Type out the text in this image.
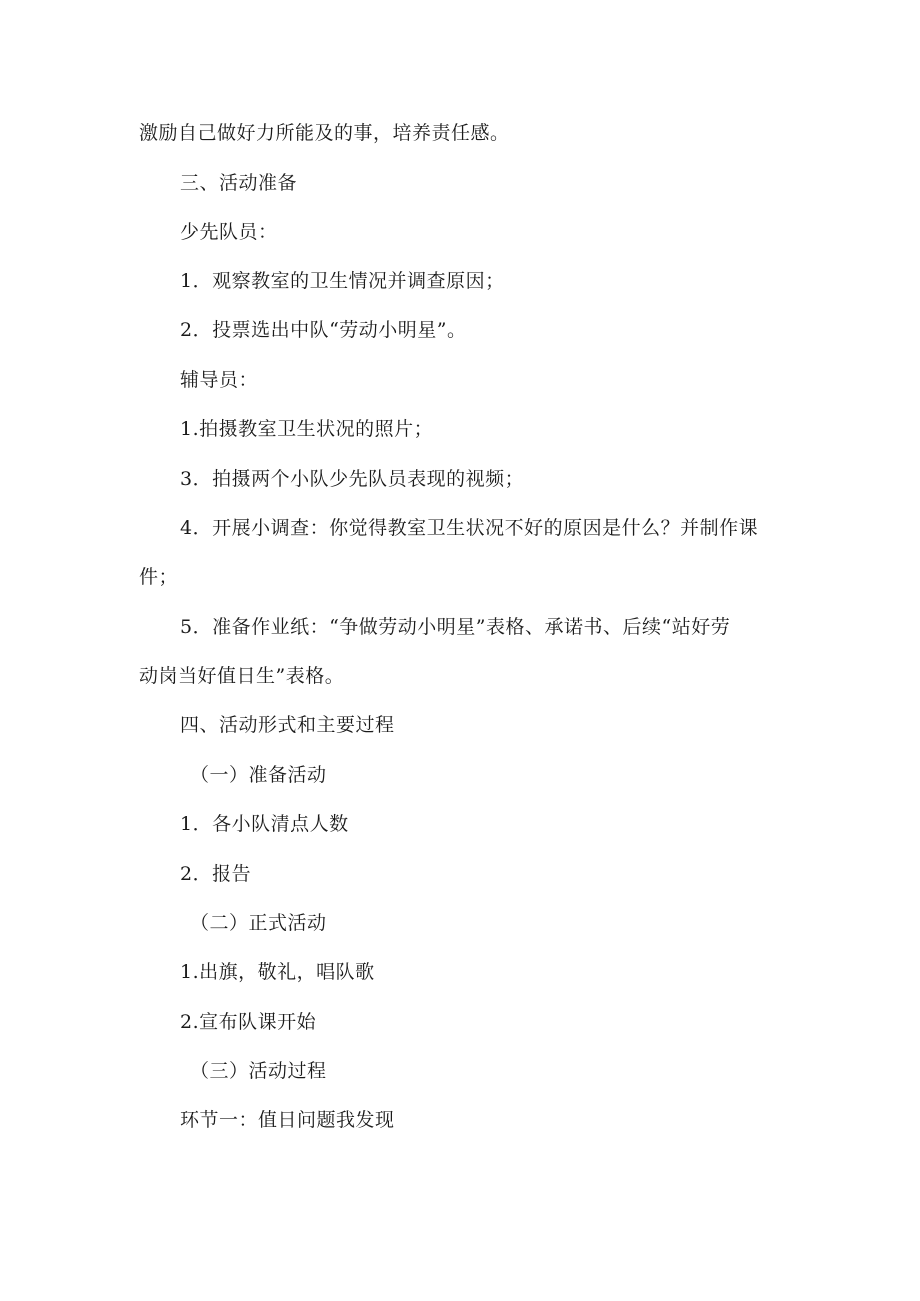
激励自己做好力所能及的事，培养责任感。
三、活动准备
少先队员：
1．观察教室的卫生情况并调查原因；
2．投票选出中队“劳动小明星”。
辅导员：
1.拍摄教室卫生状况的照片；
3．拍摄两个小队少先队员表现的视频；
4．开展小调查：你觉得教室卫生状况不好的原因是什么？并制作课
件；
5．准备作业纸：“争做劳动小明星”表格、承诺书、后续“站好劳
动岗当好值日生”表格。
四、活动形式和主要过程
（一）准备活动
1．各小队清点人数
2．报告
（二）正式活动
1.出旗，敬礼，唱队歌
2.宣布队课开始
（三）活动过程
环节一：值日问题我发现
